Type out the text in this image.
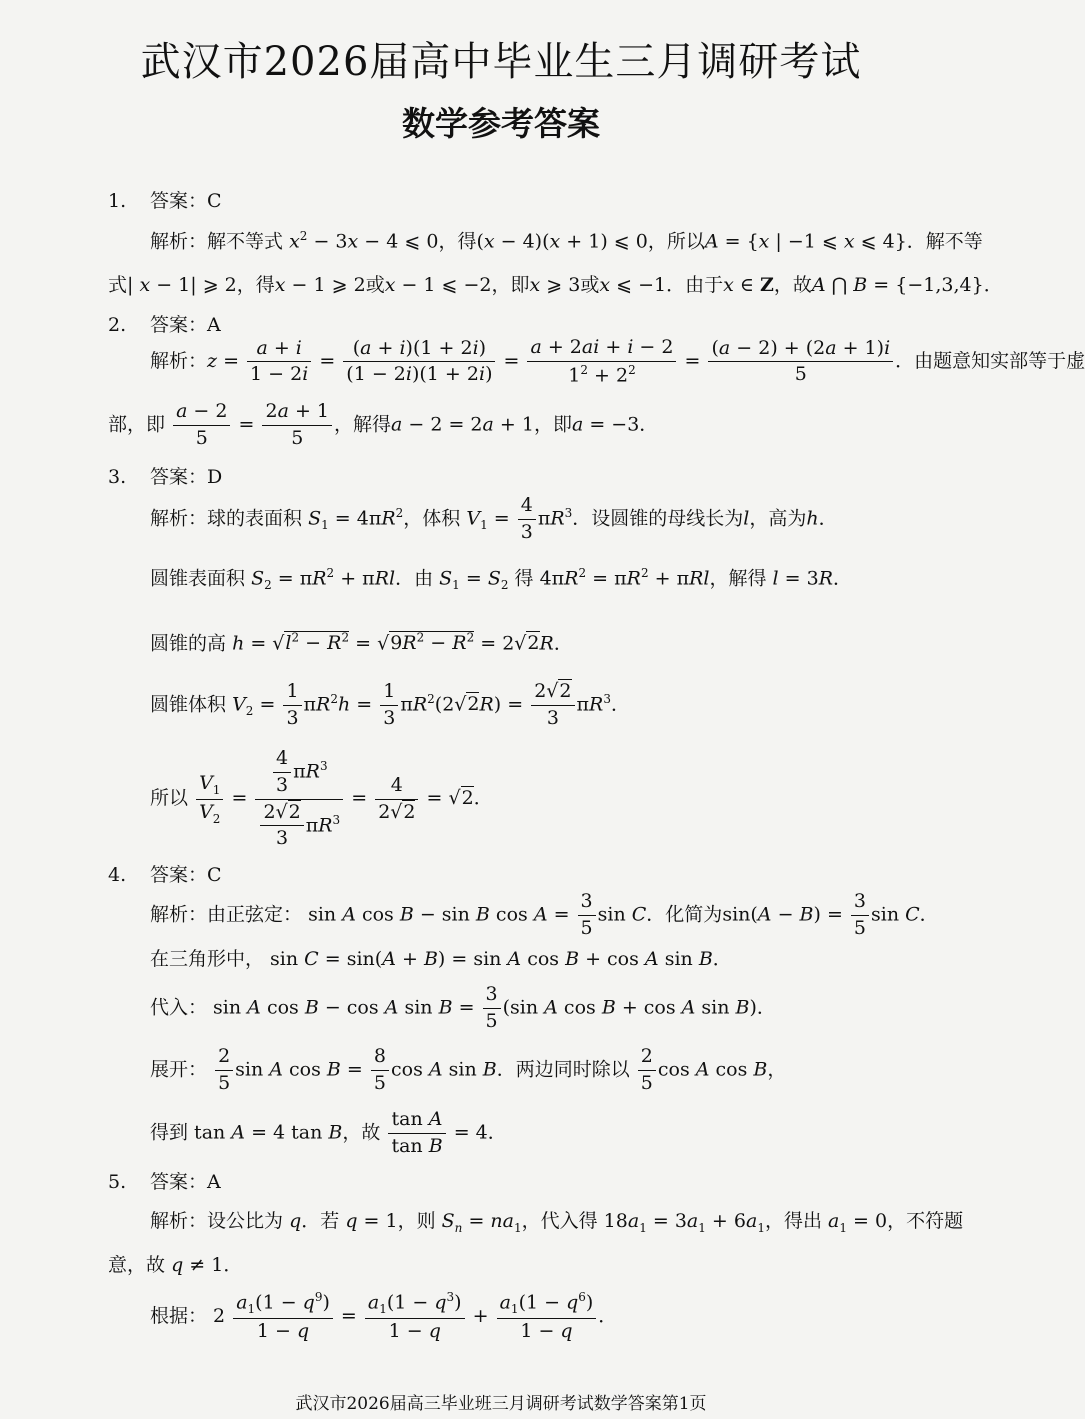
武汉市2026届高中毕业生三月调研考试
数学参考答案
1. 答案：C
解析：解不等式 $x^2 - 3x - 4$ ⩽ 0，得(x − 4)(x + 1) ⩽ 0，所以A = {x | −1 ⩽ x ⩽ 4}．解不等
式| x − 1| ⩾ 2，得x − 1 ⩾ 2或x − 1 ⩽ −2，即x ⩾ 3或x ⩽ −1．由于x ∈ Z，故A ⋂ B = {−1,3,4}．
2. 答案：A
解析：$z = \frac{a + i}{1 - 2i} = \frac{(a + i)(1 + 2i)}{(1 - 2i)(1 + 2i)} = \frac{a + 2ai + i - 2}{1^2 + 2^2} = \frac{(a - 2) + (2a + 1)i}{5}$ ．由题意知实部等于虚
部，即 $\frac{a - 2}{5} = \frac{2a + 1}{5}$ ，解得a − 2 = 2a + 1，即a = −3．
3. 答案：D
解析：球的表面积 $S_1 = 4\pi R^2$，体积 $V_1 = \frac{4}{3} \pi R^3$．设圆锥的母线长为l，高为h．
圆锥表面积 $S_2 = \pi R^2 + \pi Rl$．由 $S_1 = S_2$ 得 $4\pi R^2 = \pi R^2 + \pi Rl$，解得 l = 3R．
圆锥的高 $h = √l^2 - R^2 = √9R^2 - R^2 = 2√2R$．
圆锥体积 $V_2 = \frac{1}{3} \pi R^2h = \frac{1}{3} \pi R^2(2√2R) = \frac{2√2}{3} \pi R^3$．
所以 $\frac{V_1}{V_2} = \frac{\frac{4}{3} \pi R^3}{\frac{2√2}{3} \pi R^3} = \frac{4}{2√2} = √2$．
4. 答案：C
解析：由正弦定： sin A cos B − sin B $\cos A = \frac{3}{5}$ sin C．化简为$\sin(A - B) = \frac{3}{5}$ sin C．
在三角形中， sin C = sin(A + B) = sin A cos B + cos A sin B．
代入： sin A cos B − cos A $\sin B = \frac{3}{5} (\sin$ A cos B + cos A sin B)．
展开： $\frac{2}{5}$ sin A $\cos B = \frac{8}{5}$ cos A sin B．两边同时除以 $\frac{2}{5}$ cos A cos B，
得到 tan A = 4 tan B，故 $\frac{\text{tan A}}{\text{tan B}} = 4$．
5. 答案：A
解析：设公比为 q．若 q = 1，则 $S_n = na_1$，代入得 $18a_1 = 3a_1 + 6a_1$，得出 $a_1 = 0$，不符题
意，故 q ≠ 1．
根据： $2 \frac{a_1(1 - q^9)}{1 - q} = \frac{a_1(1 - q^3)}{1 - q} + \frac{a_1(1 - q^6)}{1 - q}$ ．
武汉市2026届高三毕业班三月调研考试数学答案第1页
